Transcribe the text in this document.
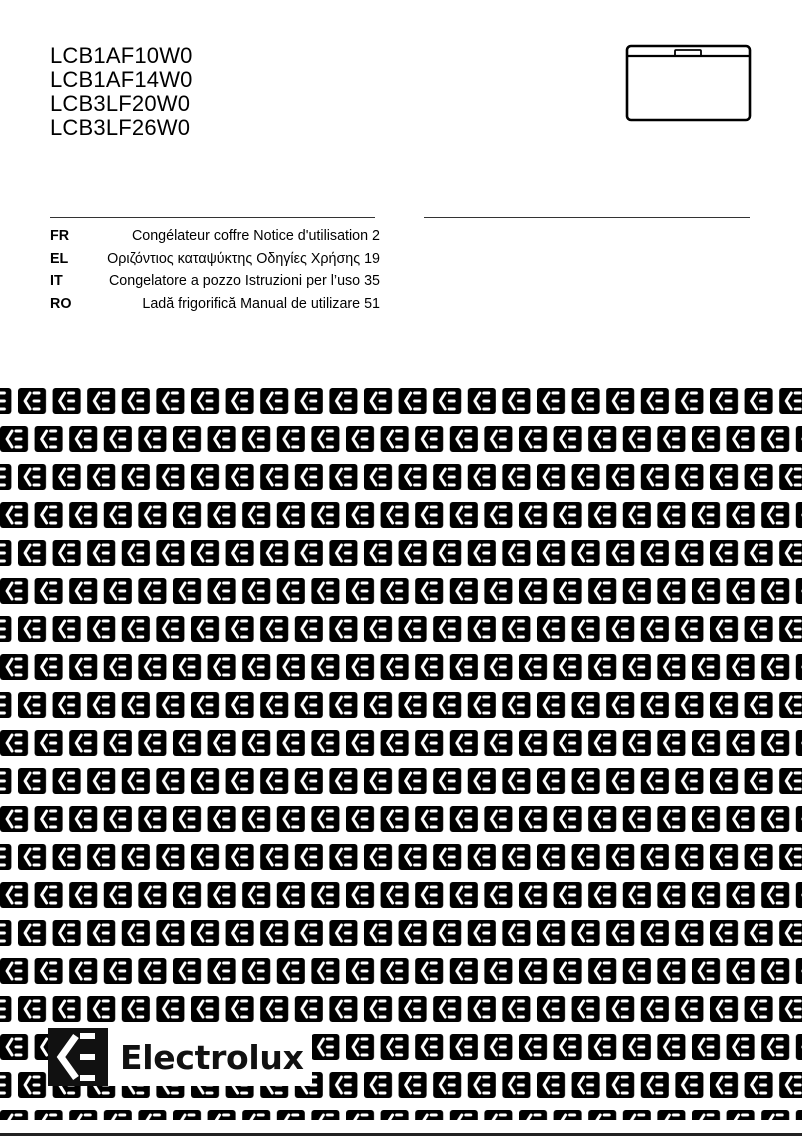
LCB1AF10W0
LCB1AF14W0
LCB3LF20W0
LCB3LF26W0
FR	Congélateur coffre Notice d'utilisation 2
EL	Οριζόντιος καταψύκτης Οδηγίες Χρήσης 19
IT	Congelatore a pozzo Istruzioni per l’uso 35
RO	Ladă frigorifică Manual de utilizare 51
Electrolux
